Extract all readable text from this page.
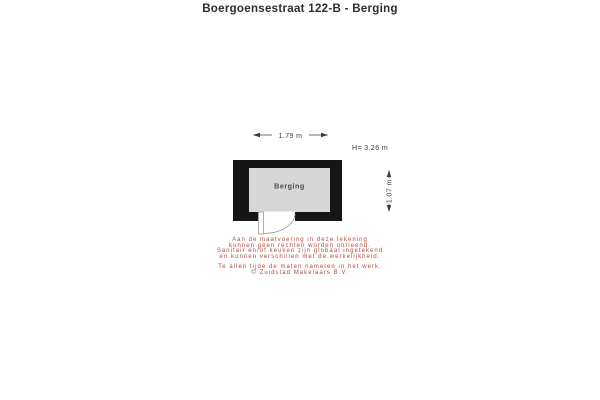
Boergoensestraat 122-B - Berging
1.79 m
H= 3.26 m
Berging	1.07 m

Aan de maatvoering in deze tekening
kunnen geen rechten worden ontleend.
Sanitair en/of keuken zijn globaal ingetekend
en kunnen verschillen met de werkelijkheid.

Te allen tijde de maten nameten in het werk.
© Zuidstad Makelaars B.V.
